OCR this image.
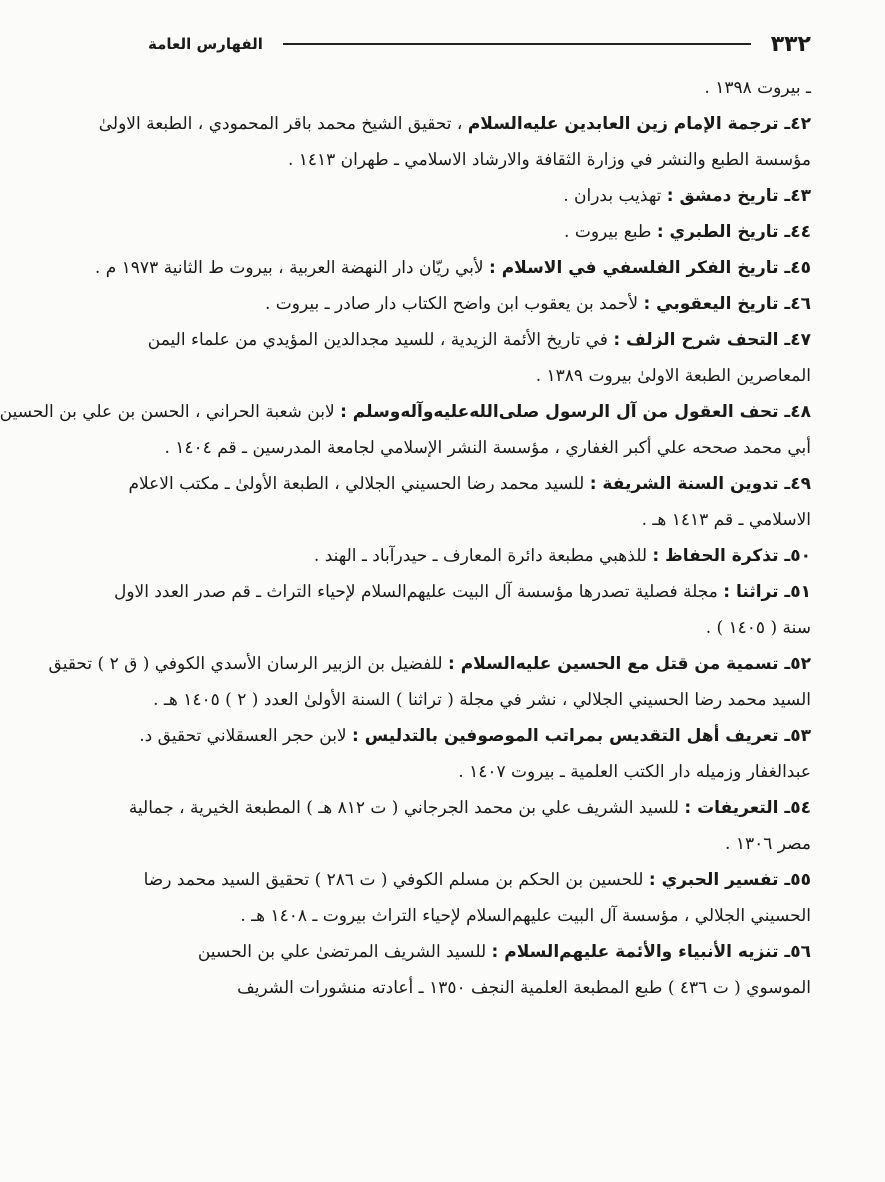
٣٣٢
الفهارس العامة
ـ بيروت ١٣٩٨ .
٤٢ـ ترجمة الإمام زين العابدين عليه‌السلام ، تحقيق الشيخ محمد باقر المحمودي ، الطبعة الاولىٰ
مؤسسة الطبع والنشر في وزارة الثقافة والارشاد الاسلامي ـ طهران ١٤١٣ .
٤٣ـ تاريخ دمشق : تهذيب بدران .
٤٤ـ تاريخ الطبري : طبع بيروت .
٤٥ـ تاريخ الفكر الفلسفي في الاسلام : لأبي ريّان دار النهضة العربية ، بيروت ط الثانية ١٩٧٣ م .
٤٦ـ تاريخ اليعقوبي : لأحمد بن يعقوب ابن واضح الكتاب دار صادر ـ بيروت .
٤٧ـ التحف شرح الزلف : في تاريخ الأئمة الزيدية ، للسيد مجدالدين المؤيدي من علماء اليمن
المعاصرين الطبعة الاولىٰ بيروت ١٣٨٩ .
٤٨ـ تحف العقول من آل الرسول صلى‌الله‌عليه‌وآله‌وسلم : لابن شعبة الحراني ، الحسن بن علي بن الحسين
أبي محمد صححه علي أكبر الغفاري ، مؤسسة النشر الإسلامي لجامعة المدرسين ـ قم ١٤٠٤ .
٤٩ـ تدوين السنة الشريفة : للسيد محمد رضا الحسيني الجلالي ، الطبعة الأولىٰ ـ مكتب الاعلام
الاسلامي ـ قم ١٤١٣ هـ .
٥٠ـ تذكرة الحفاظ : للذهبي مطبعة دائرة المعارف ـ حيدرآباد ـ الهند .
٥١ـ تراثنا : مجلة فصلية تصدرها مؤسسة آل البيت عليهم‌السلام لإحياء التراث ـ قم صدر العدد الاول
سنة ( ١٤٠٥ ) .
٥٢ـ تسمية من قتل مع الحسين عليه‌السلام : للفضيل بن الزبير الرسان الأسدي الكوفي ( ق ٢ ) تحقيق
السيد محمد رضا الحسيني الجلالي ، نشر في مجلة ( تراثنا ) السنة الأولىٰ العدد ( ٢ ) ١٤٠٥ هـ .
٥٣ـ تعريف أهل التقديس بمراتب الموصوفين بالتدليس : لابن حجر العسقلاني تحقيق د.
عبدالغفار وزميله دار الكتب العلمية ـ بيروت ١٤٠٧ .
٥٤ـ التعريفات : للسيد الشريف علي بن محمد الجرجاني ( ت ٨١٢ هـ ) المطبعة الخيرية ، جمالية
مصر ١٣٠٦ .
٥٥ـ تفسير الحبري : للحسين بن الحكم بن مسلم الكوفي ( ت ٢٨٦ ) تحقيق السيد محمد رضا
الحسيني الجلالي ، مؤسسة آل البيت عليهم‌السلام لإحياء التراث بيروت ـ ١٤٠٨ هـ .
٥٦ـ تنزيه الأنبياء والأئمة عليهم‌السلام : للسيد الشريف المرتضىٰ علي بن الحسين
الموسوي ( ت ٤٣٦ ) طبع المطبعة العلمية النجف ١٣٥٠ ـ أعادته منشورات الشريف
